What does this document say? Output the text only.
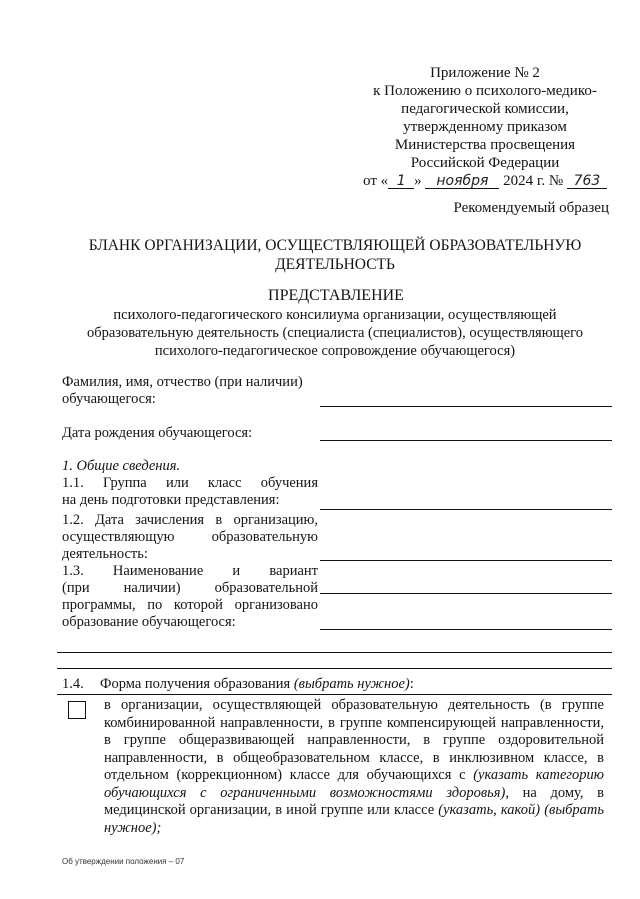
Приложение № 2
к Положению о психолого-медико-
педагогической комиссии,
утвержденному приказом
Министерства просвещения
Российской Федерации
от « 1 » ноября 2024 г. № 763
Рекомендуемый образец
БЛАНК ОРГАНИЗАЦИИ, ОСУЩЕСТВЛЯЮЩЕЙ ОБРАЗОВАТЕЛЬНУЮ
ДЕЯТЕЛЬНОСТЬ
ПРЕДСТАВЛЕНИЕ
психолого-педагогического консилиума организации, осуществляющей
образовательную деятельность (специалиста (специалистов), осуществляющего
психолого-педагогическое сопровождение обучающегося)
Фамилия, имя, отчество (при наличии)
обучающегося:
Дата рождения обучающегося:
1. Общие сведения.
1.1. Группа или класс обучения
на день подготовки представления:
1.2. Дата зачисления в организацию,
осуществляющую образовательную
деятельность:
1.3. Наименование и вариант
(при наличии) образовательной
программы, по которой организовано
образование обучающегося:
1.4. Форма получения образования (выбрать нужное):
в организации, осуществляющей образовательную деятельность (в группе комбинированной направленности, в группе компенсирующей направленности, в группе общеразвивающей направленности, в группе оздоровительной направленности, в общеобразовательном классе, в инклюзивном классе, в отдельном (коррекционном) классе для обучающихся с (указать категорию обучающихся с ограниченными возможностями здоровья), на дому, в медицинской организации, в иной группе или классе (указать, какой) (выбрать нужное);
Об утверждении положения – 07
